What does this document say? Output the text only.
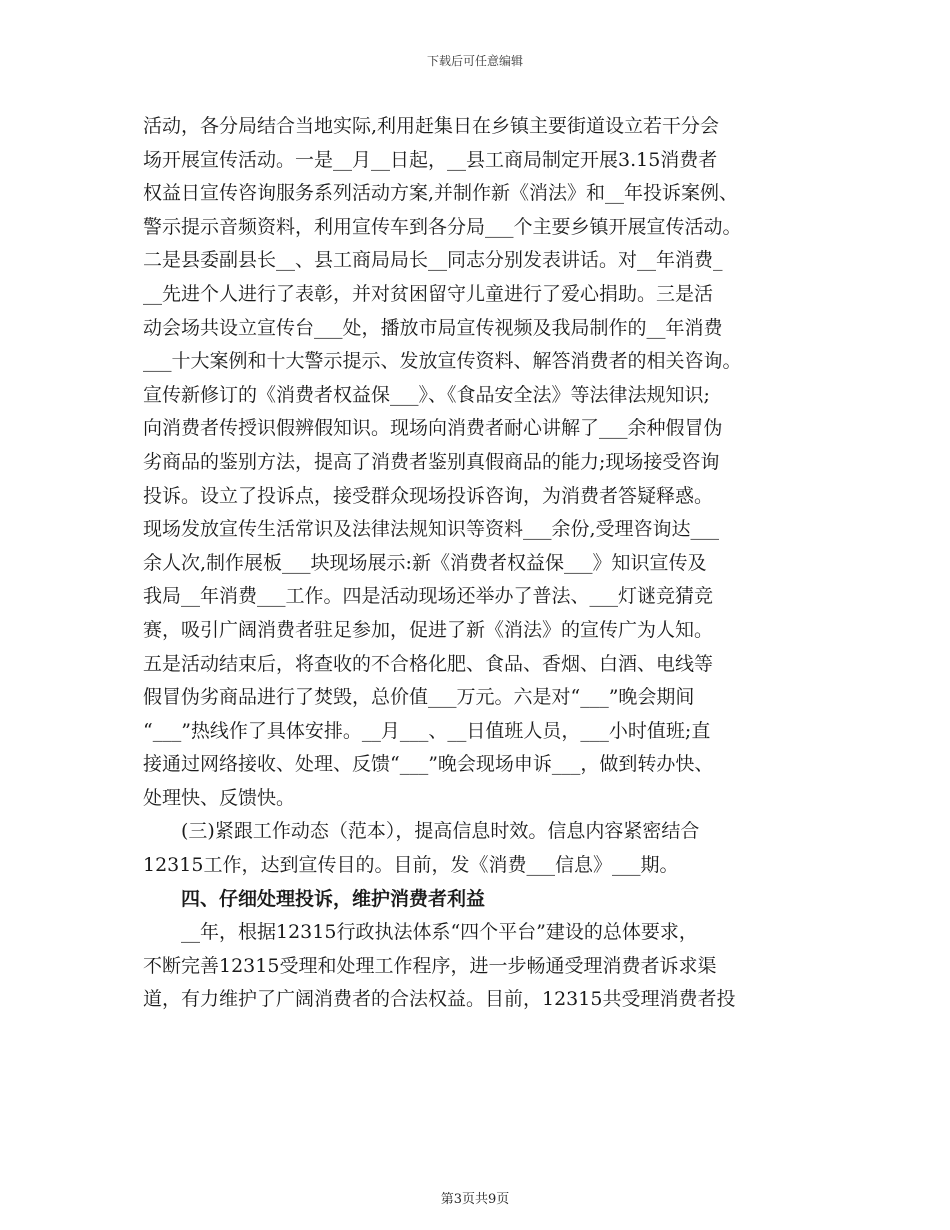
下载后可任意编辑
活动，各分局结合当地实际,利用赶集日在乡镇主要街道设立若干分会
场开展宣传活动。一是__月__日起，__县工商局制定开展3.15消费者
权益日宣传咨询服务系列活动方案,并制作新《消法》和__年投诉案例、
警示提示音频资料，利用宣传车到各分局___个主要乡镇开展宣传活动。
二是县委副县长__、县工商局局长__同志分别发表讲话。对__年消费_
__先进个人进行了表彰，并对贫困留守儿童进行了爱心捐助。三是活
动会场共设立宣传台___处，播放市局宣传视频及我局制作的__年消费
___十大案例和十大警示提示、发放宣传资料、解答消费者的相关咨询。
宣传新修订的《消费者权益保___》、《食品安全法》等法律法规知识;
向消费者传授识假辨假知识。现场向消费者耐心讲解了___余种假冒伪
劣商品的鉴别方法，提高了消费者鉴别真假商品的能力;现场接受咨询
投诉。设立了投诉点，接受群众现场投诉咨询，为消费者答疑释惑。
现场发放宣传生活常识及法律法规知识等资料___余份,受理咨询达___
余人次,制作展板___块现场展示:新《消费者权益保___》知识宣传及
我局__年消费___工作。四是活动现场还举办了普法、___灯谜竞猜竞
赛，吸引广阔消费者驻足参加，促进了新《消法》的宣传广为人知。
五是活动结束后，将查收的不合格化肥、食品、香烟、白酒、电线等
假冒伪劣商品进行了焚毁，总价值___万元。六是对“___”晚会期间
“___”热线作了具体安排。__月___、__日值班人员，___小时值班;直
接通过网络接收、处理、反馈“___”晚会现场申诉___，做到转办快、
处理快、反馈快。
(三)紧跟工作动态（范本），提高信息时效。信息内容紧密结合
12315工作，达到宣传目的。目前，发《消费___信息》___期。
四、仔细处理投诉，维护消费者利益
__年，根据12315行政执法体系“四个平台”建设的总体要求，
不断完善12315受理和处理工作程序，进一步畅通受理消费者诉求渠
道，有力维护了广阔消费者的合法权益。目前，12315共受理消费者投
第3页共9页
